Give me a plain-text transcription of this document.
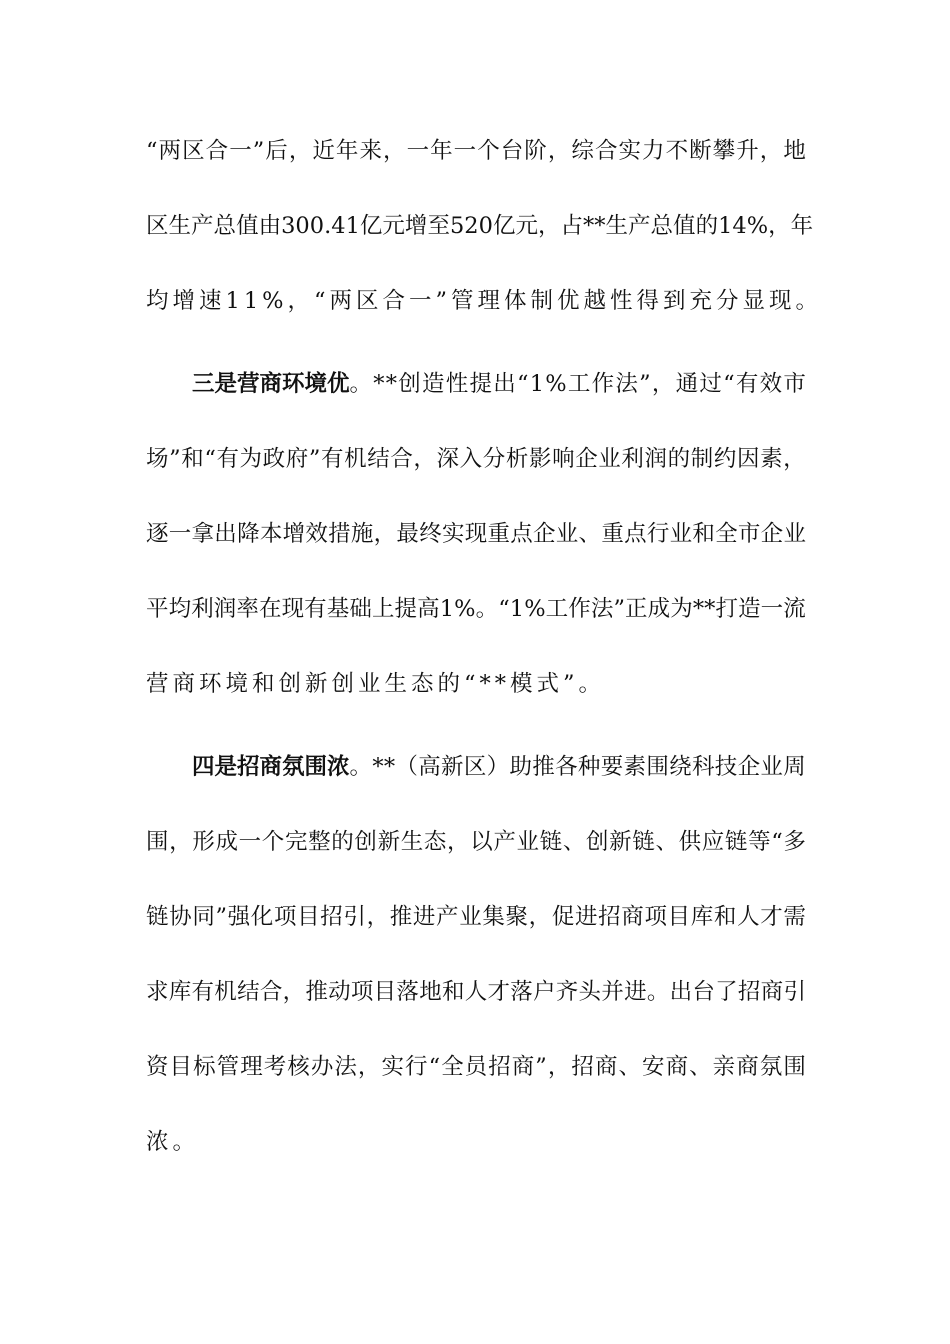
“ 两 区 合 一 ” 后 ， 近 年 来 ， 一 年 一 个 台 阶 ， 综 合 实 力 不 断 攀 升 ， 地
区 生 产 总 值 由 3 0 0 . 4 1 亿 元 增 至 5 2 0 亿 元 ， 占 * * 生 产 总 值 的 1 4 % ， 年
均增速11%，“两区合一”管理体制优越性得到充分显现。
三是营商环境优 。 * * 创 造 性 提 出 “ 1 % 工 作 法 ” ， 通 过 “ 有 效 市
场 ” 和 “ 有 为 政 府 ” 有 机 结 合 ， 深 入 分 析 影 响 企 业 利 润 的 制 约 因 素 ，
逐 一 拿 出 降 本 增 效 措 施 ， 最 终 实 现 重 点 企 业 、 重 点 行 业 和 全 市 企 业
平 均 利 润 率 在 现 有 基 础 上 提 高 1 % 。 “ 1 % 工 作 法 ” 正 成 为 * * 打 造 一 流
营商环境和创新创业生态的“**模式”。
四是招商氛围浓 。 * * （ 高 新 区 ） 助 推 各 种 要 素 围 绕 科 技 企 业 周
围 ， 形 成 一 个 完 整 的 创 新 生 态 ， 以 产 业 链 、 创 新 链 、 供 应 链 等 “ 多
链 协 同 ” 强 化 项 目 招 引 ， 推 进 产 业 集 聚 ， 促 进 招 商 项 目 库 和 人 才 需
求 库 有 机 结 合 ， 推 动 项 目 落 地 和 人 才 落 户 齐 头 并 进 。 出 台 了 招 商 引
资 目 标 管 理 考 核 办 法 ， 实 行 “ 全 员 招 商 ” ， 招 商 、 安 商 、 亲 商 氛 围
浓。
